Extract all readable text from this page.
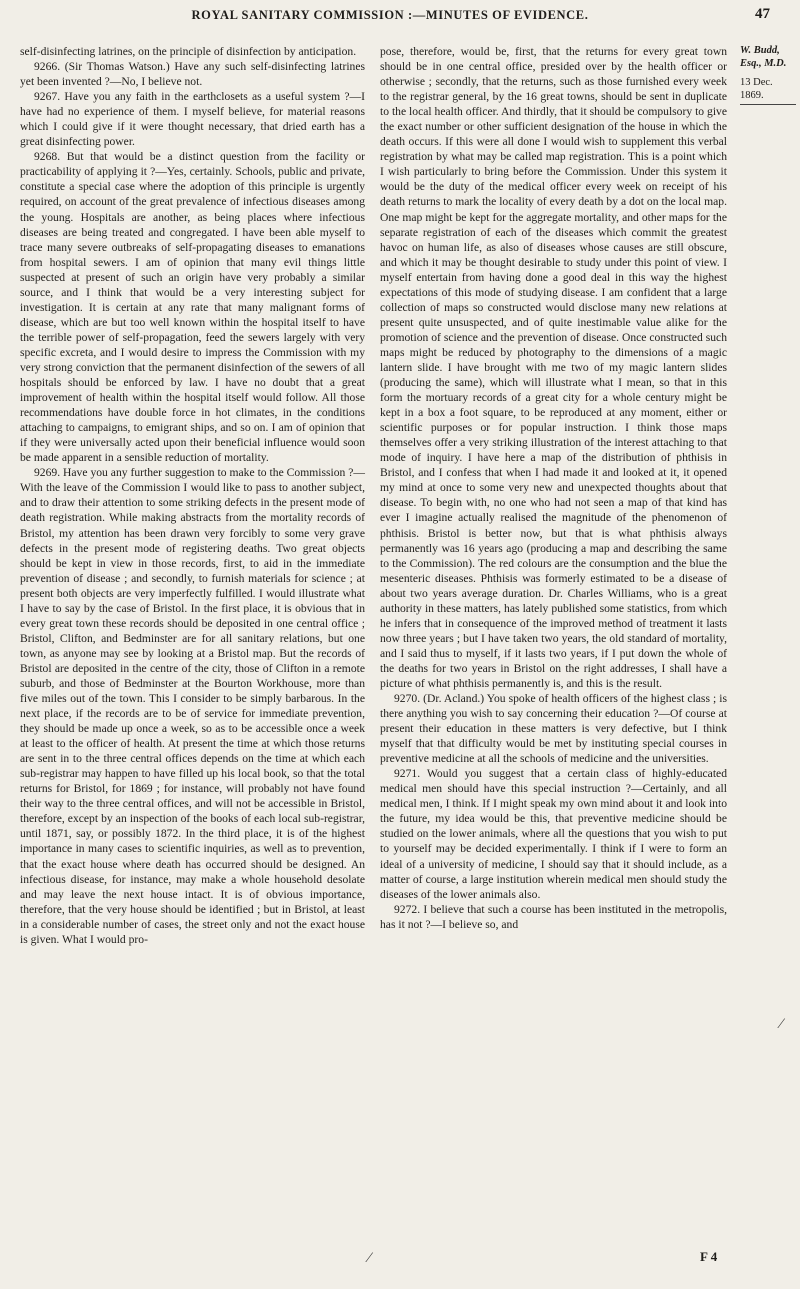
ROYAL SANITARY COMMISSION :—MINUTES OF EVIDENCE.	47

self-disinfecting latrines, on the principle of disinfection by anticipation.

9266. (Sir Thomas Watson.) Have any such self-disinfecting latrines yet been invented ?—No, I believe not.

9267. Have you any faith in the earthclosets as a useful system ?—I have had no experience of them. I myself believe, for material reasons which I could give if it were thought necessary, that dried earth has a great disinfecting power.

9268. But that would be a distinct question from the facility or practicability of applying it ?—Yes, certainly. Schools, public and private, constitute a special case where the adoption of this principle is urgently required, on account of the great prevalence of infectious diseases among the young. Hospitals are another, as being places where infectious diseases are being treated and congregated. I have been able myself to trace many severe outbreaks of self-propagating diseases to emanations from hospital sewers. I am of opinion that many evil things little suspected at present of such an origin have very probably a similar source, and I think that would be a very interesting subject for investigation. It is certain at any rate that many malignant forms of disease, which are but too well known within the hospital itself to have the terrible power of self-propagation, feed the sewers largely with very specific excreta, and I would desire to impress the Commission with my very strong conviction that the permanent disinfection of the sewers of all hospitals should be enforced by law. I have no doubt that a great improvement of health within the hospital itself would follow. All those recommendations have double force in hot climates, in the conditions attaching to campaigns, to emigrant ships, and so on. I am of opinion that if they were universally acted upon their beneficial influence would soon be made apparent in a sensible reduction of mortality.

9269. Have you any further suggestion to make to the Commission ?—With the leave of the Commission I would like to pass to another subject, and to draw their attention to some striking defects in the present mode of death registration. While making abstracts from the mortality records of Bristol, my attention has been drawn very forcibly to some very grave defects in the present mode of registering deaths. Two great objects should be kept in view in those records, first, to aid in the immediate prevention of disease ; and secondly, to furnish materials for science ; at present both objects are very imperfectly fulfilled. I would illustrate what I have to say by the case of Bristol. In the first place, it is obvious that in every great town these records should be deposited in one central office ; Bristol, Clifton, and Bedminster are for all sanitary relations, but one town, as anyone may see by looking at a Bristol map. But the records of Bristol are deposited in the centre of the city, those of Clifton in a remote suburb, and those of Bedminster at the Bourton Workhouse, more than five miles out of the town. This I consider to be simply barbarous. In the next place, if the records are to be of service for immediate prevention, they should be made up once a week, so as to be accessible once a week at least to the officer of health. At present the time at which those returns are sent in to the three central offices depends on the time at which each sub-registrar may happen to have filled up his local book, so that the total returns for Bristol, for 1869 ; for instance, will probably not have found their way to the three central offices, and will not be accessible in Bristol, therefore, except by an inspection of the books of each local sub-registrar, until 1871, say, or possibly 1872. In the third place, it is of the highest importance in many cases to scientific inquiries, as well as to prevention, that the exact house where death has occurred should be designed. An infectious disease, for instance, may make a whole household desolate and may leave the next house intact. It is of obvious importance, therefore, that the very house should be identified ; but in Bristol, at least in a considerable number of cases, the street only and not the exact house is given. What I would pro-

pose, therefore, would be, first, that the returns for every great town should be in one central office, presided over by the health officer or otherwise ; secondly, that the returns, such as those furnished every week to the registrar general, by the 16 great towns, should be sent in duplicate to the local health officer. And thirdly, that it should be compulsory to give the exact number or other sufficient designation of the house in which the death occurs. If this were all done I would wish to supplement this verbal registration by what may be called map registration. This is a point which I wish particularly to bring before the Commission. Under this system it would be the duty of the medical officer every week on receipt of his death returns to mark the locality of every death by a dot on the local map. One map might be kept for the aggregate mortality, and other maps for the separate registration of each of the diseases which commit the greatest havoc on human life, as also of diseases whose causes are still obscure, and which it may be thought desirable to study under this point of view. I myself entertain from having done a good deal in this way the highest expectations of this mode of studying disease. I am confident that a large collection of maps so constructed would disclose many new relations at present quite unsuspected, and of quite inestimable value alike for the promotion of science and the prevention of disease. Once constructed such maps might be reduced by photography to the dimensions of a magic lantern slide. I have brought with me two of my magic lantern slides (producing the same), which will illustrate what I mean, so that in this form the mortuary records of a great city for a whole century might be kept in a box a foot square, to be reproduced at any moment, either or scientific purposes or for popular instruction. I think those maps themselves offer a very striking illustration of the interest attaching to that mode of inquiry. I have here a map of the distribution of phthisis in Bristol, and I confess that when I had made it and looked at it, it opened my mind at once to some very new and unexpected thoughts about that disease. To begin with, no one who had not seen a map of that kind has ever I imagine actually realised the magnitude of the phenomenon of phthisis. Bristol is better now, but that is what phthisis always permanently was 16 years ago (producing a map and describing the same to the Commission). The red colours are the consumption and the blue the mesenteric diseases. Phthisis was formerly estimated to be a disease of about two years average duration. Dr. Charles Williams, who is a great authority in these matters, has lately published some statistics, from which he infers that in consequence of the improved method of treatment it lasts now three years ; but I have taken two years, the old standard of mortality, and I said thus to myself, if it lasts two years, if I put down the whole of the deaths for two years in Bristol on the right addresses, I shall have a picture of what phthisis permanently is, and this is the result.

9270. (Dr. Acland.) You spoke of health officers of the highest class ; is there anything you wish to say concerning their education ?—Of course at present their education in these matters is very defective, but I think myself that that difficulty would be met by instituting special courses in preventive medicine at all the schools of medicine and the universities.

9271. Would you suggest that a certain class of highly-educated medical men should have this special instruction ?—Certainly, and all medical men, I think. If I might speak my own mind about it and look into the future, my idea would be this, that preventive medicine should be studied on the lower animals, where all the questions that you wish to put to yourself may be decided experimentally. I think if I were to form an ideal of a university of medicine, I should say that it should include, as a matter of course, a large institution wherein medical men should study the diseases of the lower animals also.

9272. I believe that such a course has been instituted in the metropolis, has it not ?—I believe so, and

W. Budd, Esq., M.D.
13 Dec. 1869.
⁄
⁄	F 4
